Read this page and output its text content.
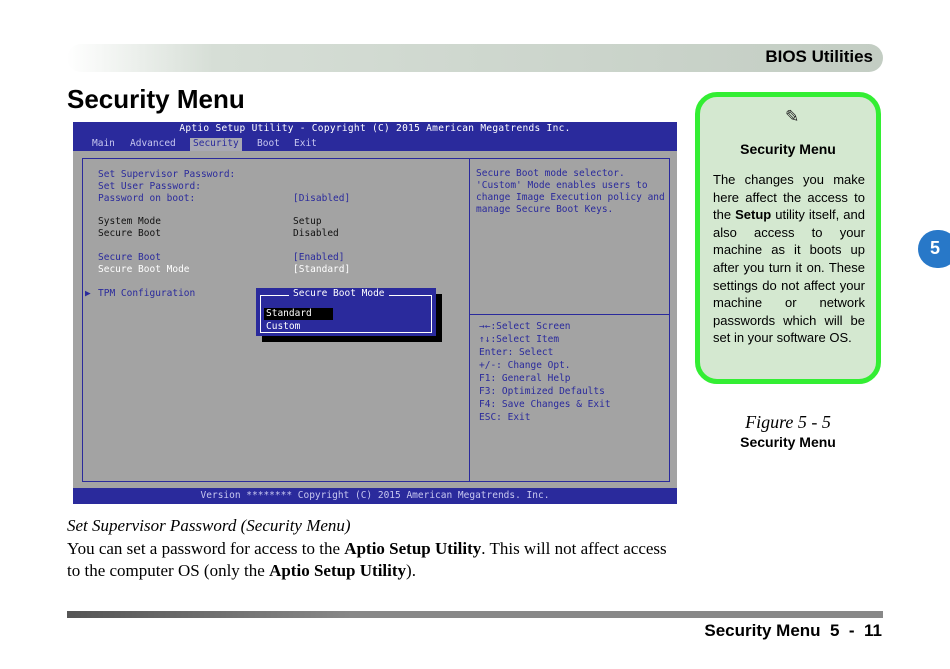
BIOS Utilities
Security Menu
Aptio Setup Utility - Copyright (C) 2015 American Megatrends Inc.
Main	Advanced	Security	Boot	Exit
Set Supervisor Password:
Set User Password:
Password on boot:	[Disabled]
System Mode	Setup
Secure Boot	Disabled
Secure Boot	[Enabled]
Secure Boot Mode	[Standard]
▶ TPM Configuration
Secure Boot mode selector. 'Custom' Mode enables users to change Image Execution policy and manage Secure Boot Keys.
→←:Select Screen
↑↓:Select Item
Enter: Select
+/-: Change Opt.
F1: General Help
F3: Optimized Defaults
F4: Save Changes & Exit
ESC: Exit
Standard
Custom
Secure Boot Mode
Version ******** Copyright (C) 2015 American Megatrends. Inc.
✎
Security Menu
The changes you make here affect the access to the Setup utility itself, and also access to your machine as it boots up after you turn it on. These settings do not affect your machine or network passwords which will be set in your software OS.
Figure 5 - 5
Security Menu
Set Supervisor Password (Security Menu)
You can set a password for access to the Aptio Setup Utility. This will not affect access to the computer OS (only the Aptio Setup Utility).
Security Menu  5  -  11
5
